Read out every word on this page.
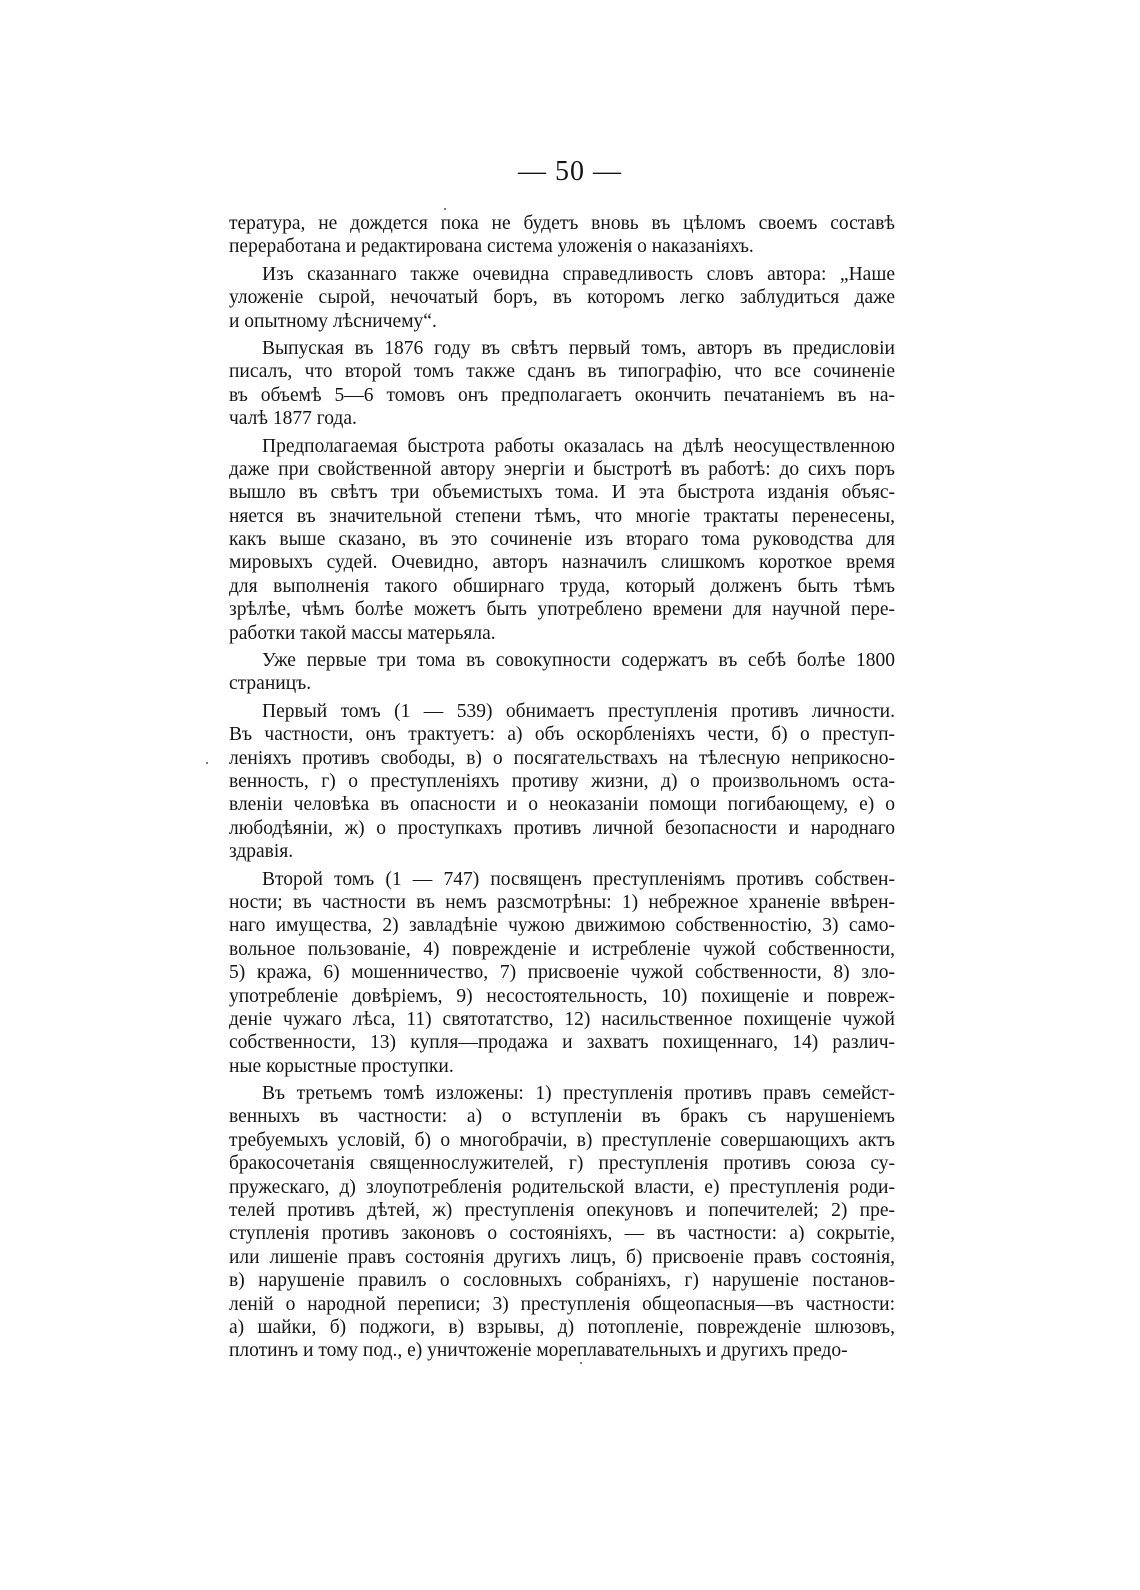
— 50 —
тература, не дождется пока не будетъ вновь въ цѣломъ своемъ составѣ
переработана и редактирована система уложенія о наказаніяхъ.
Изъ сказаннаго также очевидна справедливость словъ автора: „Наше
уложеніе сырой, нечочатый боръ, въ которомъ легко заблудиться даже
и опытному лѣсничему“.
Выпуская въ 1876 году въ свѣтъ первый томъ, авторъ въ предисловіи
писалъ, что второй томъ также сданъ въ типографію, что все сочиненіе
въ объемѣ 5—6 томовъ онъ предполагаетъ окончить печатаніемъ въ на-
чалѣ 1877 года.
Предполагаемая быстрота работы оказалась на дѣлѣ неосуществленною
даже при свойственной автору энергіи и быстротѣ въ работѣ: до сихъ поръ
вышло въ свѣтъ три объемистыхъ тома. И эта быстрота изданія объяс-
няется въ значительной степени тѣмъ, что многіе трактаты перенесены,
какъ выше сказано, въ это сочиненіе изъ втораго тома руководства для
мировыхъ судей. Очевидно, авторъ назначилъ слишкомъ короткое время
для выполненія такого обширнаго труда, который долженъ быть тѣмъ
зрѣлѣе, чѣмъ болѣе можетъ быть употреблено времени для научной пере-
работки такой массы матерьяла.
Уже первые три тома въ совокупности содержатъ въ себѣ болѣе 1800
страницъ.
Первый томъ (1 — 539) обнимаетъ преступленія противъ личности.
Въ частности, онъ трактуетъ: а) объ оскорбленіяхъ чести, б) о преступ-
леніяхъ противъ свободы, в) о посягательствахъ на тѣлесную неприкосно-
венность, г) о преступленіяхъ противу жизни, д) о произвольномъ оста-
вленіи человѣка въ опасности и о неоказаніи помощи погибающему, е) о
любодѣяніи, ж) о проступкахъ противъ личной безопасности и народнаго
здравія.
Второй томъ (1 — 747) посвященъ преступленіямъ противъ собствен-
ности; въ частности въ немъ разсмотрѣны: 1) небрежное храненіе ввѣрен-
наго имущества, 2) завладѣніе чужою движимою собственностію, 3) само-
вольное пользованіе, 4) поврежденіе и истребленіе чужой собственности,
5) кража, 6) мошенничество, 7) присвоеніе чужой собственности, 8) зло-
употребленіе довѣріемъ, 9) несостоятельность, 10) похищеніе и повреж-
деніе чужаго лѣса, 11) святотатство, 12) насильственное похищеніе чужой
собственности, 13) купля—продажа и захватъ похищеннаго, 14) различ-
ные корыстные проступки.
Въ третьемъ томѣ изложены: 1) преступленія противъ правъ семейст-
венныхъ въ частности: а) о вступленіи въ бракъ съ нарушеніемъ
требуемыхъ условій, б) о многобрачіи, в) преступленіе совершающихъ актъ
бракосочетанія священнослужителей, г) преступленія противъ союза су-
пружескаго, д) злоупотребленія родительской власти, е) преступленія роди-
телей противъ дѣтей, ж) преступленія опекуновъ и попечителей; 2) пре-
ступленія противъ законовъ о состояніяхъ, — въ частности: а) сокрытіе,
или лишеніе правъ состоянія другихъ лицъ, б) присвоеніе правъ состоянія,
в) нарушеніе правилъ о сословныхъ собраніяхъ, г) нарушеніе постанов-
леній о народной переписи; 3) преступленія общеопасныя—въ частности:
а) шайки, б) поджоги, в) взрывы, д) потопленіе, поврежденіе шлюзовъ,
плотинъ и тому под., е) уничтоженіе мореплавательныхъ и другихъ предо-
